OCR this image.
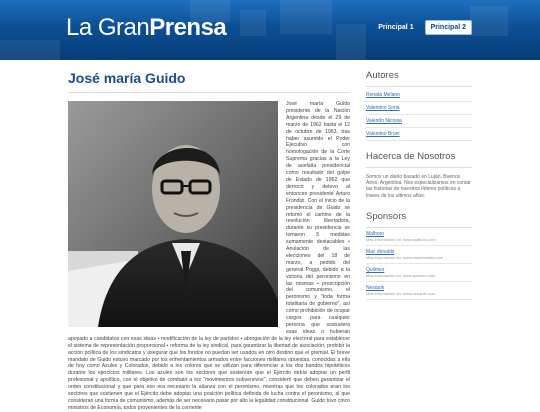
La GranPrensa	Principal 1	Principal 2
José maría Guido
José maría Guido presidente de la Nación Argentina desde el 29 de marzo de 1962 hasta el 12 de octubre de 1963, tras haber asumido el Poder Ejecutivo con homologación de la Corte Suprema gracias a la Ley de acefalía presidencial como resultado del golpe de Estado de 1962 que derrocó y detuvo al entonces presidente Arturo Frondizi. Con el inicio de la presidencia de Guido se retomó el camino de la revolución libertadora, durante su presidencia se tomaron 5 medidas sumamente destacables • Anulación de las elecciones del 18 de marzo, a pedido del general Poggi, debido a la victoria del peronismo en las mismas • proscripción del comunismo, el peronismo y "toda forma totalitaria de gobierno", así como prohibición de ocupar cargos para cualquier persona que sostuviera esas ideas o hubieran apoyado a candidatos con esas ideas • modificación de la ley de partidos • abrogación de la ley electoral para establecer el sistema de representación proporcional • reforma de la ley sindical, para garantizar la libertad de asociación, prohibir la acción política de los sindicatos y asegurar que los fondos no puedan ser usados en otro destino que el gremial. El breve mandato de Guido estuvo marcado por los enfrentamientos armados entre facciones militares opuestas, conocidas a ella de hoy como Azules y Colorados, debido a los colores que se utilizan para diferenciar a los dos bandos hipotéticos durante los ejercicios militares. Los azules son los sectores que sostenían que el Ejército debía adoptar un perfil profesional y apolítico, con el objetivo de combatir a los "movimientos subversivos", consideró que deben garantizar el orden constitucional y que para eso era necesario la alianza con el peronismo, mientras que los colorados eran los sectores que sostienen que el Ejército debe adoptar una posición política definida de lucha contra el peronismo, al que consideran una forma de comunismo, además de ser necesario pasar por alto la legalidad constitucional. Guido tuvo cinco ministros de Economía, todos provenientes de la corriente
Autores
Renata Melano
Valentino Soria
Valentín Nicosia
Valentino Bruni
Hacerca de Nosotros

Somos un diario basado en Luján, Buenos Aires, Argentina. Nos especializamos en contar las historias de nuestros líderes políticos a traves de los ultimos años.

Sponsors
Malboro
Mas información en: www.malboro.com
Mac donalds
Mas información en: www.macdonalds.com
Quilmes
Mas información en: www.quilmes.com
Nesquik
Mas información en: www.nesquik.com
